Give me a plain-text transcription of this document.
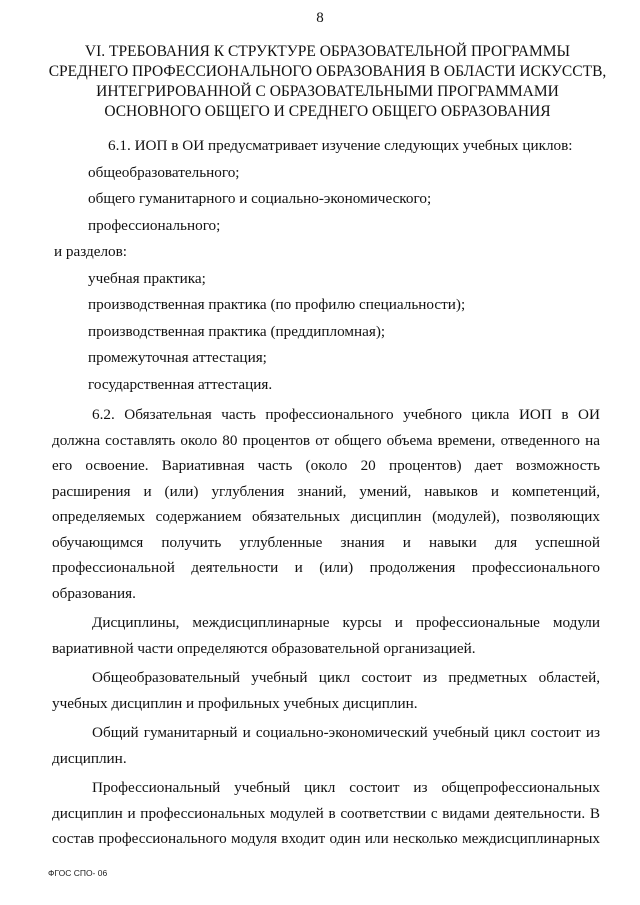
8
VI. ТРЕБОВАНИЯ К СТРУКТУРЕ ОБРАЗОВАТЕЛЬНОЙ ПРОГРАММЫ
СРЕДНЕГО ПРОФЕССИОНАЛЬНОГО ОБРАЗОВАНИЯ В ОБЛАСТИ ИСКУССТВ,
ИНТЕГРИРОВАННОЙ С ОБРАЗОВАТЕЛЬНЫМИ ПРОГРАММАМИ
ОСНОВНОГО ОБЩЕГО И СРЕДНЕГО ОБЩЕГО ОБРАЗОВАНИЯ
6.1. ИОП в ОИ предусматривает изучение следующих учебных циклов:
общеобразовательного;
общего гуманитарного и социально-экономического;
профессионального;
и разделов:
учебная практика;
производственная практика (по профилю специальности);
производственная практика (преддипломная);
промежуточная аттестация;
государственная аттестация.
6.2. Обязательная часть профессионального учебного цикла ИОП в ОИ
должна составлять около 80 процентов от общего объема времени, отведенного на
его освоение. Вариативная часть (около 20 процентов) дает возможность
расширения и (или) углубления знаний, умений, навыков и компетенций,
определяемых содержанием обязательных дисциплин (модулей), позволяющих
обучающимся получить углубленные знания и навыки для успешной
профессиональной деятельности и (или) продолжения профессионального
образования.
Дисциплины, междисциплинарные курсы и профессиональные модули
вариативной части определяются образовательной организацией.
Общеобразовательный учебный цикл состоит из предметных областей,
учебных дисциплин и профильных учебных дисциплин.
Общий гуманитарный и социально-экономический учебный цикл состоит из
дисциплин.
Профессиональный учебный цикл состоит из общепрофессиональных
дисциплин и профессиональных модулей в соответствии с видами деятельности. В
состав профессионального модуля входит один или несколько междисциплинарных
ФГОС СПО- 06
